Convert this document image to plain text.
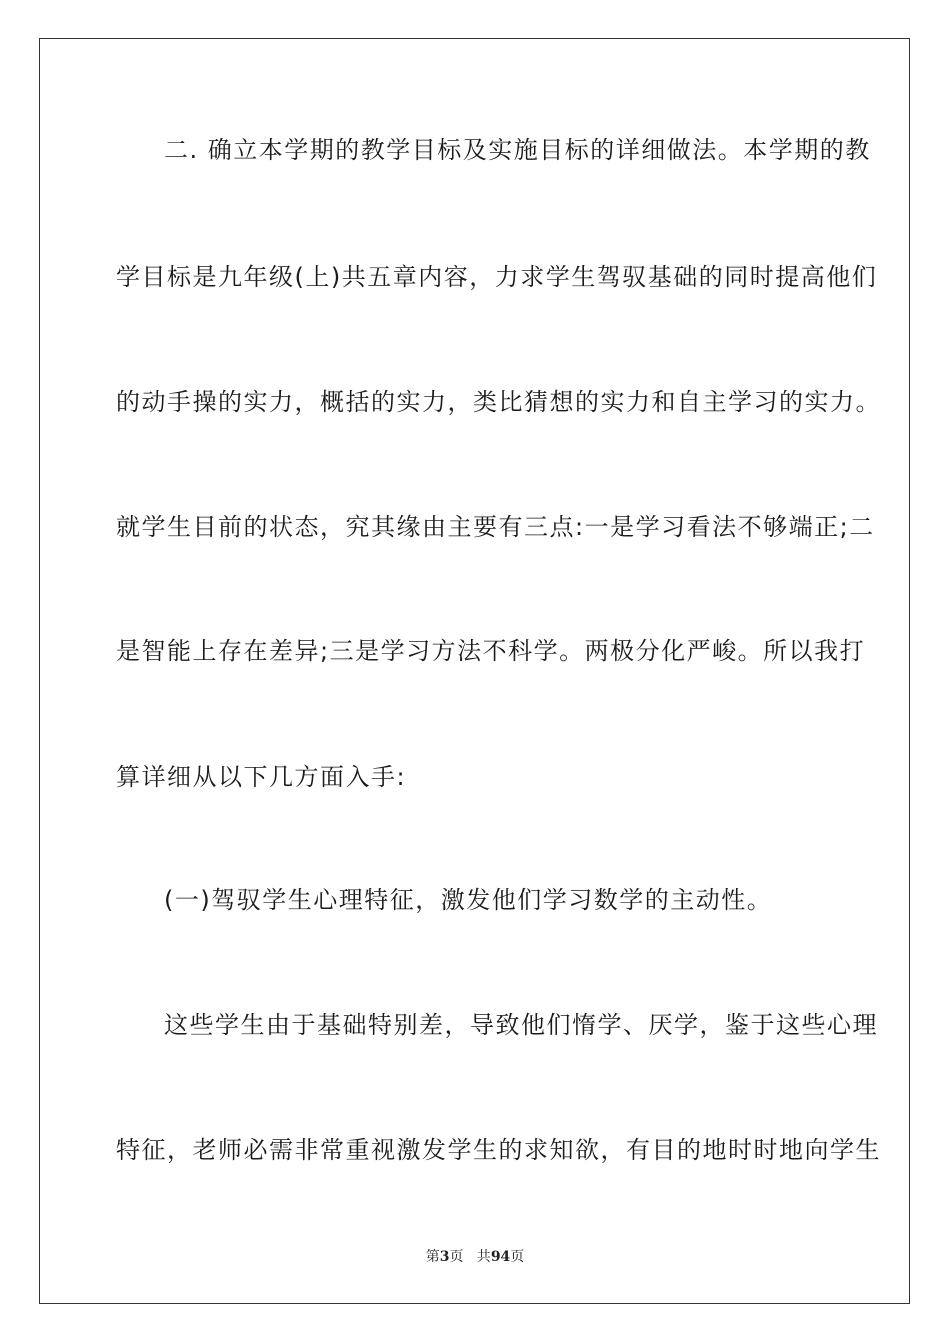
二. 确立本学期的教学目标及实施目标的详细做法。本学期的教
学目标是九年级(上)共五章内容，力求学生驾驭基础的同时提高他们
的动手操的实力，概括的实力，类比猜想的实力和自主学习的实力。
就学生目前的状态，究其缘由主要有三点:一是学习看法不够端正;二
是智能上存在差异;三是学习方法不科学。两极分化严峻。所以我打
算详细从以下几方面入手:
(一)驾驭学生心理特征，激发他们学习数学的主动性。
这些学生由于基础特别差，导致他们惰学、厌学，鉴于这些心理
特征，老师必需非常重视激发学生的求知欲，有目的地时时地向学生
第3页   共94页
